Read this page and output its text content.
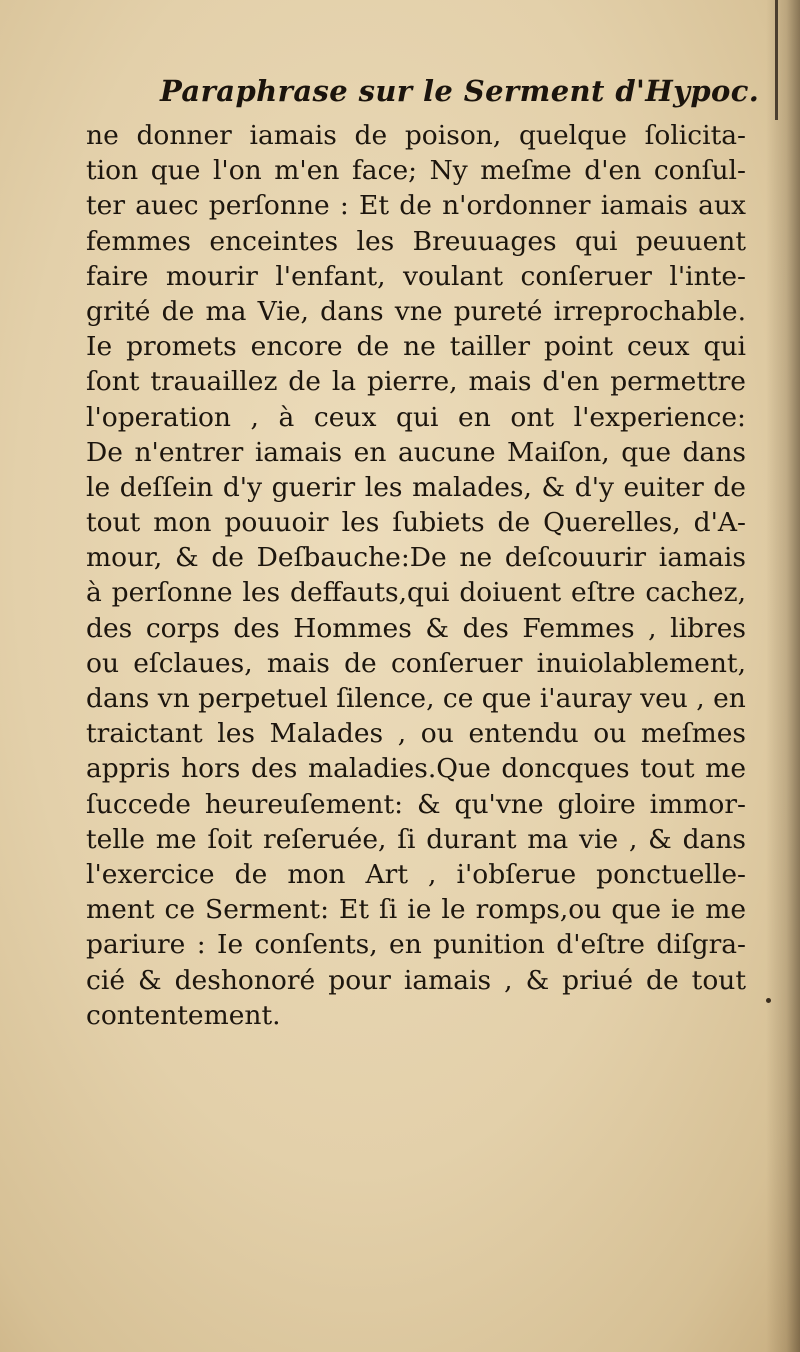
Paraphrase sur le Serment d'Hypoc.
ne donner iamais de poison, quelque ſolicita-
tion que l'on m'en face; Ny meſme d'en conſul-
ter auec perſonne : Et de n'ordonner iamais aux
femmes enceintes les Breuuages qui peuuent
faire mourir l'enfant, voulant conſeruer l'inte-
grité de ma Vie, dans vne pureté irreprochable.
Ie promets encore de ne tailler point ceux qui
ſont trauaillez de la pierre, mais d'en permettre
l'operation , à ceux qui en ont l'experience:
De n'entrer iamais en aucune Maiſon, que dans
le deſſein d'y guerir les malades, & d'y euiter de
tout mon pouuoir les ſubiets de Querelles, d'A-
mour, & de Deſbauche:De ne deſcouurir iamais
à perſonne les deffauts,qui doiuent eſtre cachez,
des corps des Hommes & des Femmes , libres
ou eſclaues, mais de conſeruer inuiolablement,
dans vn perpetuel ſilence, ce que i'auray veu , en
traictant les Malades , ou entendu ou meſmes
appris hors des maladies.Que doncques tout me
ſuccede heureuſement: & qu'vne gloire immor-
telle me ſoit reſeruée, ſi durant ma vie , & dans
l'exercice de mon Art , i'obſerue ponctuelle-
ment ce Serment: Et ſi ie le romps,ou que ie me
pariure : Ie conſents, en punition d'eſtre diſgra-
cié & deshonoré pour iamais , & priué de tout
contentement.
